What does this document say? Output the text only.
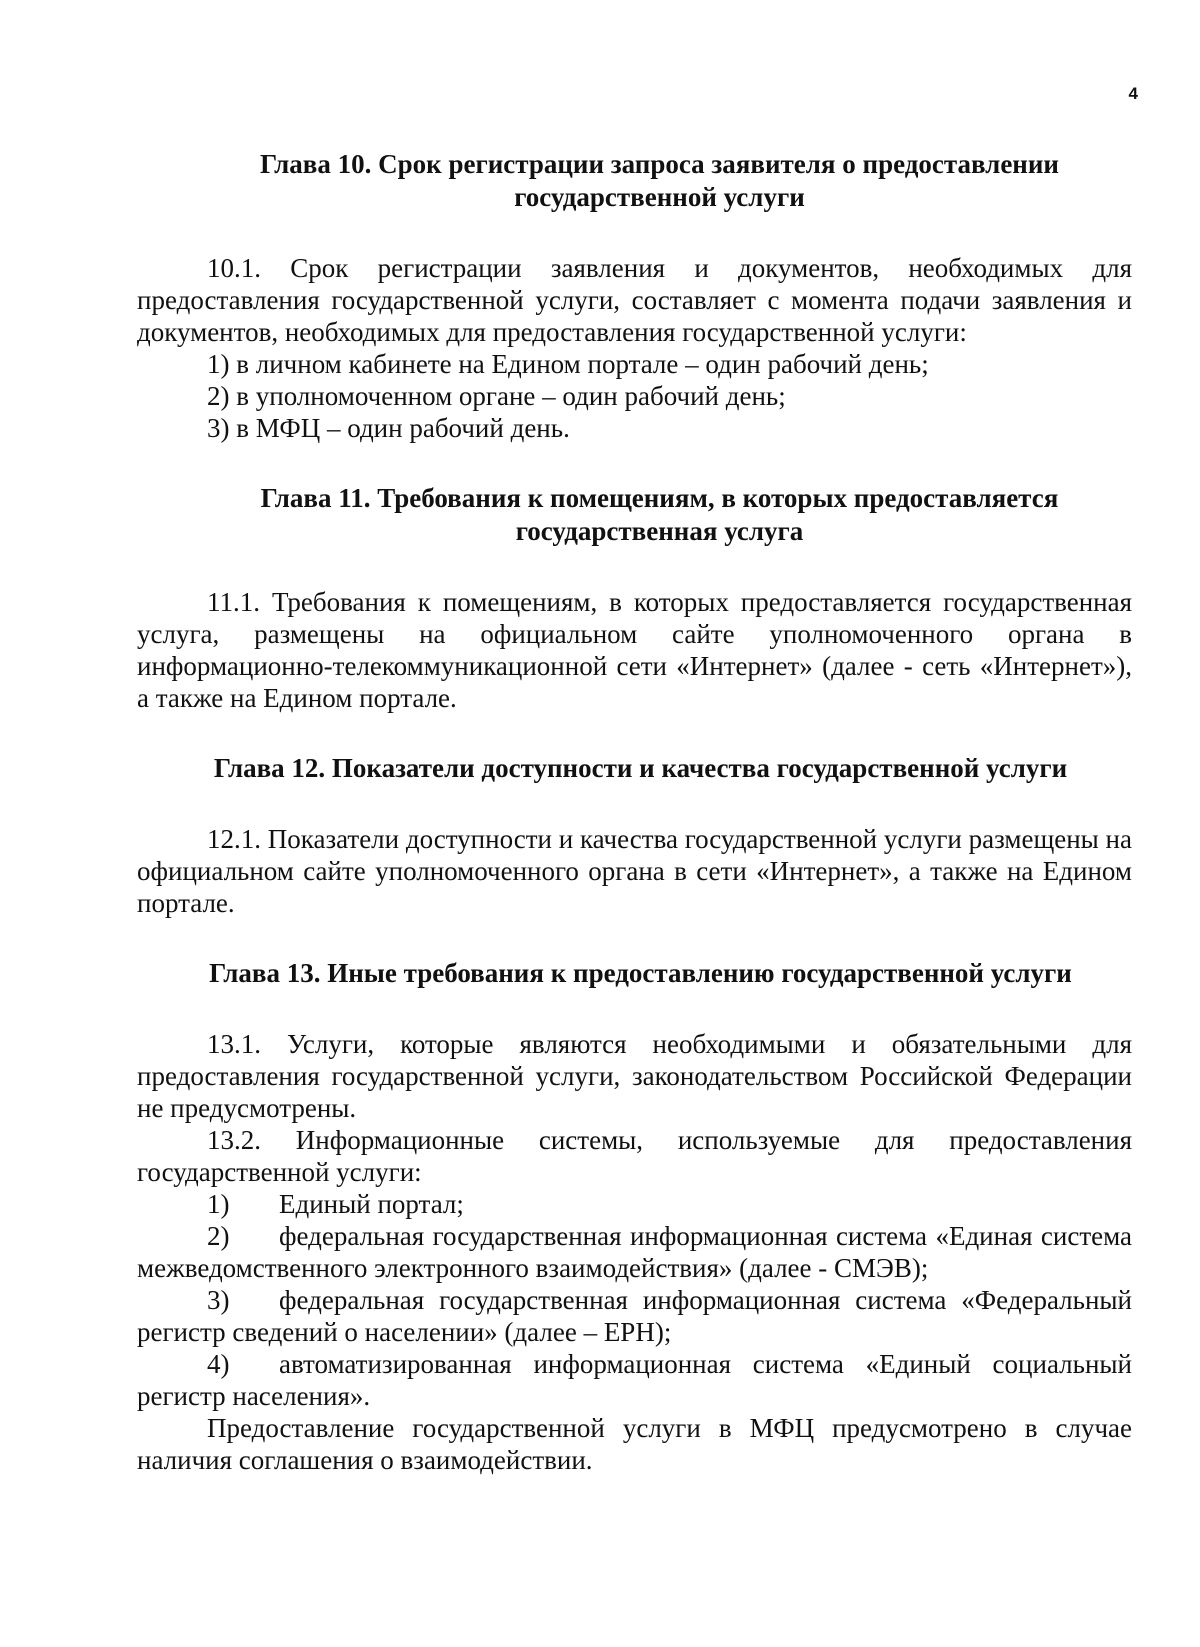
4
Глава 10. Срок регистрации запроса заявителя о предоставлении
государственной услуги

10.1. Срок регистрации заявления и документов, необходимых для предоставления государственной услуги, составляет с момента подачи заявления и документов, необходимых для предоставления государственной услуги:

1) в личном кабинете на Едином портале – один рабочий день;

2) в уполномоченном органе – один рабочий день;

3) в МФЦ – один рабочий день.

Глава 11. Требования к помещениям, в которых предоставляется
государственная услуга

11.1. Требования к помещениям, в которых предоставляется государственная услуга, размещены на официальном сайте уполномоченного органа в информационно-телекоммуникационной сети «Интернет» (далее - сеть «Интернет»), а также на Едином портале.

Глава 12. Показатели доступности и качества государственной услуги

12.1. Показатели доступности и качества государственной услуги размещены на официальном сайте уполномоченного органа в сети «Интернет», а также на Едином портале.

Глава 13. Иные требования к предоставлению государственной услуги

13.1. Услуги, которые являются необходимыми и обязательными для предоставления государственной услуги, законодательством Российской Федерации не предусмотрены.

13.2. Информационные системы, используемые для предоставления государственной услуги:

1) Единый портал;
2) федеральная государственная информационная система «Единая система межведомственного электронного взаимодействия» (далее - СМЭВ);
3) федеральная государственная информационная система «Федеральный регистр сведений о населении» (далее – ЕРН);
4) автоматизированная информационная система «Единый социальный регистр населения».

Предоставление государственной услуги в МФЦ предусмотрено в случае наличия соглашения о взаимодействии.
